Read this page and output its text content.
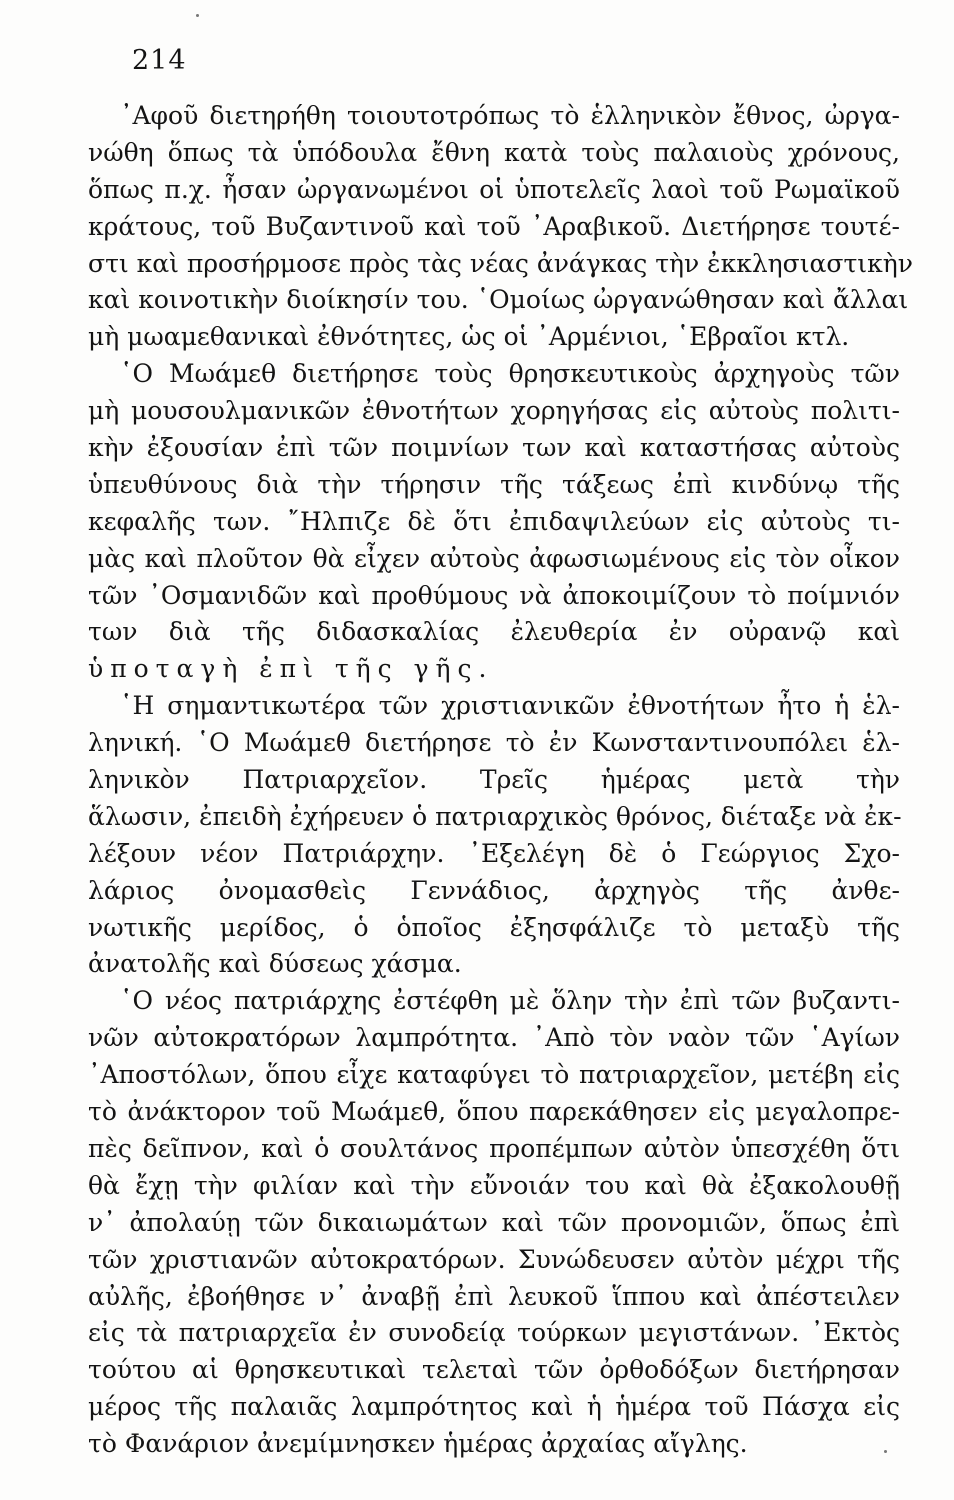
214
᾿Αφοῦ διετηρήθη τοιουτοτρόπως τὸ ἑλληνικὸν ἔθνος, ὠργα-
νώθη ὅπως τὰ ὑπόδουλα ἔθνη κατὰ τοὺς παλαιοὺς χρόνους,
ὅπως π.χ. ἦσαν ὠργανωμένοι οἱ ὑποτελεῖς λαοὶ τοῦ Ρωμαϊκοῦ
κράτους, τοῦ Βυζαντινοῦ καὶ τοῦ ᾿Αραβικοῦ. Διετήρησε τουτέ-
στι καὶ προσήρμοσε πρὸς τὰς νέας ἀνάγκας τὴν ἐκκλησιαστικὴν
καὶ κοινοτικὴν διοίκησίν του. ῾Ομοίως ὠργανώθησαν καὶ ἄλλαι
μὴ μωαμεθανικαὶ ἐθνότητες, ὡς οἱ ᾿Αρμένιοι, ῾Εβραῖοι κτλ.
῾Ο Μωάμεθ διετήρησε τοὺς θρησκευτικοὺς ἀρχηγοὺς τῶν
μὴ μουσουλμανικῶν ἐθνοτήτων χορηγήσας εἰς αὐτοὺς πολιτι-
κὴν ἐξουσίαν ἐπὶ τῶν ποιμνίων των καὶ καταστήσας αὐτοὺς
ὑπευθύνους διὰ τὴν τήρησιν τῆς τάξεως ἐπὶ κινδύνῳ τῆς
κεφαλῆς των. ῎Ηλπιζε δὲ ὅτι ἐπιδαψιλεύων εἰς αὐτοὺς τι-
μὰς καὶ πλοῦτον θὰ εἶχεν αὐτοὺς ἀφωσιωμένους εἰς τὸν οἶκον
τῶν ᾿Οσμανιδῶν καὶ προθύμους νὰ ἀποκοιμίζουν τὸ ποίμνιόν
των διὰ τῆς διδασκαλίας ἐλευθερία ἐν οὐρανῷ καὶ
ὑποταγὴ ἐπὶ τῆς γῆς.
῾Η σημαντικωτέρα τῶν χριστιανικῶν ἐθνοτήτων ἦτο ἡ ἑλ-
ληνική. ῾Ο Μωάμεθ διετήρησε τὸ ἐν Κωνσταντινουπόλει ἑλ-
ληνικὸν Πατριαρχεῖον. Τρεῖς ἡμέρας μετὰ τὴν
ἅλωσιν, ἐπειδὴ ἐχήρευεν ὁ πατριαρχικὸς θρόνος, διέταξε νὰ ἐκ-
λέξουν νέον Πατριάρχην. ᾿Εξελέγη δὲ ὁ Γεώργιος Σχο-
λάριος ὀνομασθεὶς Γεννάδιος, ἀρχηγὸς τῆς ἀνθε-
νωτικῆς μερίδος, ὁ ὁποῖος ἐξησφάλιζε τὸ μεταξὺ τῆς
ἀνατολῆς καὶ δύσεως χάσμα.
῾Ο νέος πατριάρχης ἐστέφθη μὲ ὅλην τὴν ἐπὶ τῶν βυζαντι-
νῶν αὐτοκρατόρων λαμπρότητα. ᾿Απὸ τὸν ναὸν τῶν ῾Αγίων
᾿Αποστόλων, ὅπου εἶχε καταφύγει τὸ πατριαρχεῖον, μετέβη εἰς
τὸ ἀνάκτορον τοῦ Μωάμεθ, ὅπου παρεκάθησεν εἰς μεγαλοπρε-
πὲς δεῖπνον, καὶ ὁ σουλτάνος προπέμπων αὐτὸν ὑπεσχέθη ὅτι
θὰ ἔχῃ τὴν φιλίαν καὶ τὴν εὔνοιάν του καὶ θὰ ἐξακολουθῇ
ν᾿ ἀπολαύῃ τῶν δικαιωμάτων καὶ τῶν προνομιῶν, ὅπως ἐπὶ
τῶν χριστιανῶν αὐτοκρατόρων. Συνώδευσεν αὐτὸν μέχρι τῆς
αὐλῆς, ἐβοήθησε ν᾿ ἀναβῇ ἐπὶ λευκοῦ ἵππου καὶ ἀπέστειλεν
εἰς τὰ πατριαρχεῖα ἐν συνοδείᾳ τούρκων μεγιστάνων. ᾿Εκτὸς
τούτου αἱ θρησκευτικαὶ τελεταὶ τῶν ὀρθοδόξων διετήρησαν
μέρος τῆς παλαιᾶς λαμπρότητος καὶ ἡ ἡμέρα τοῦ Πάσχα εἰς
τὸ Φανάριον ἀνεμίμνησκεν ἡμέρας ἀρχαίας αἴγλης.
